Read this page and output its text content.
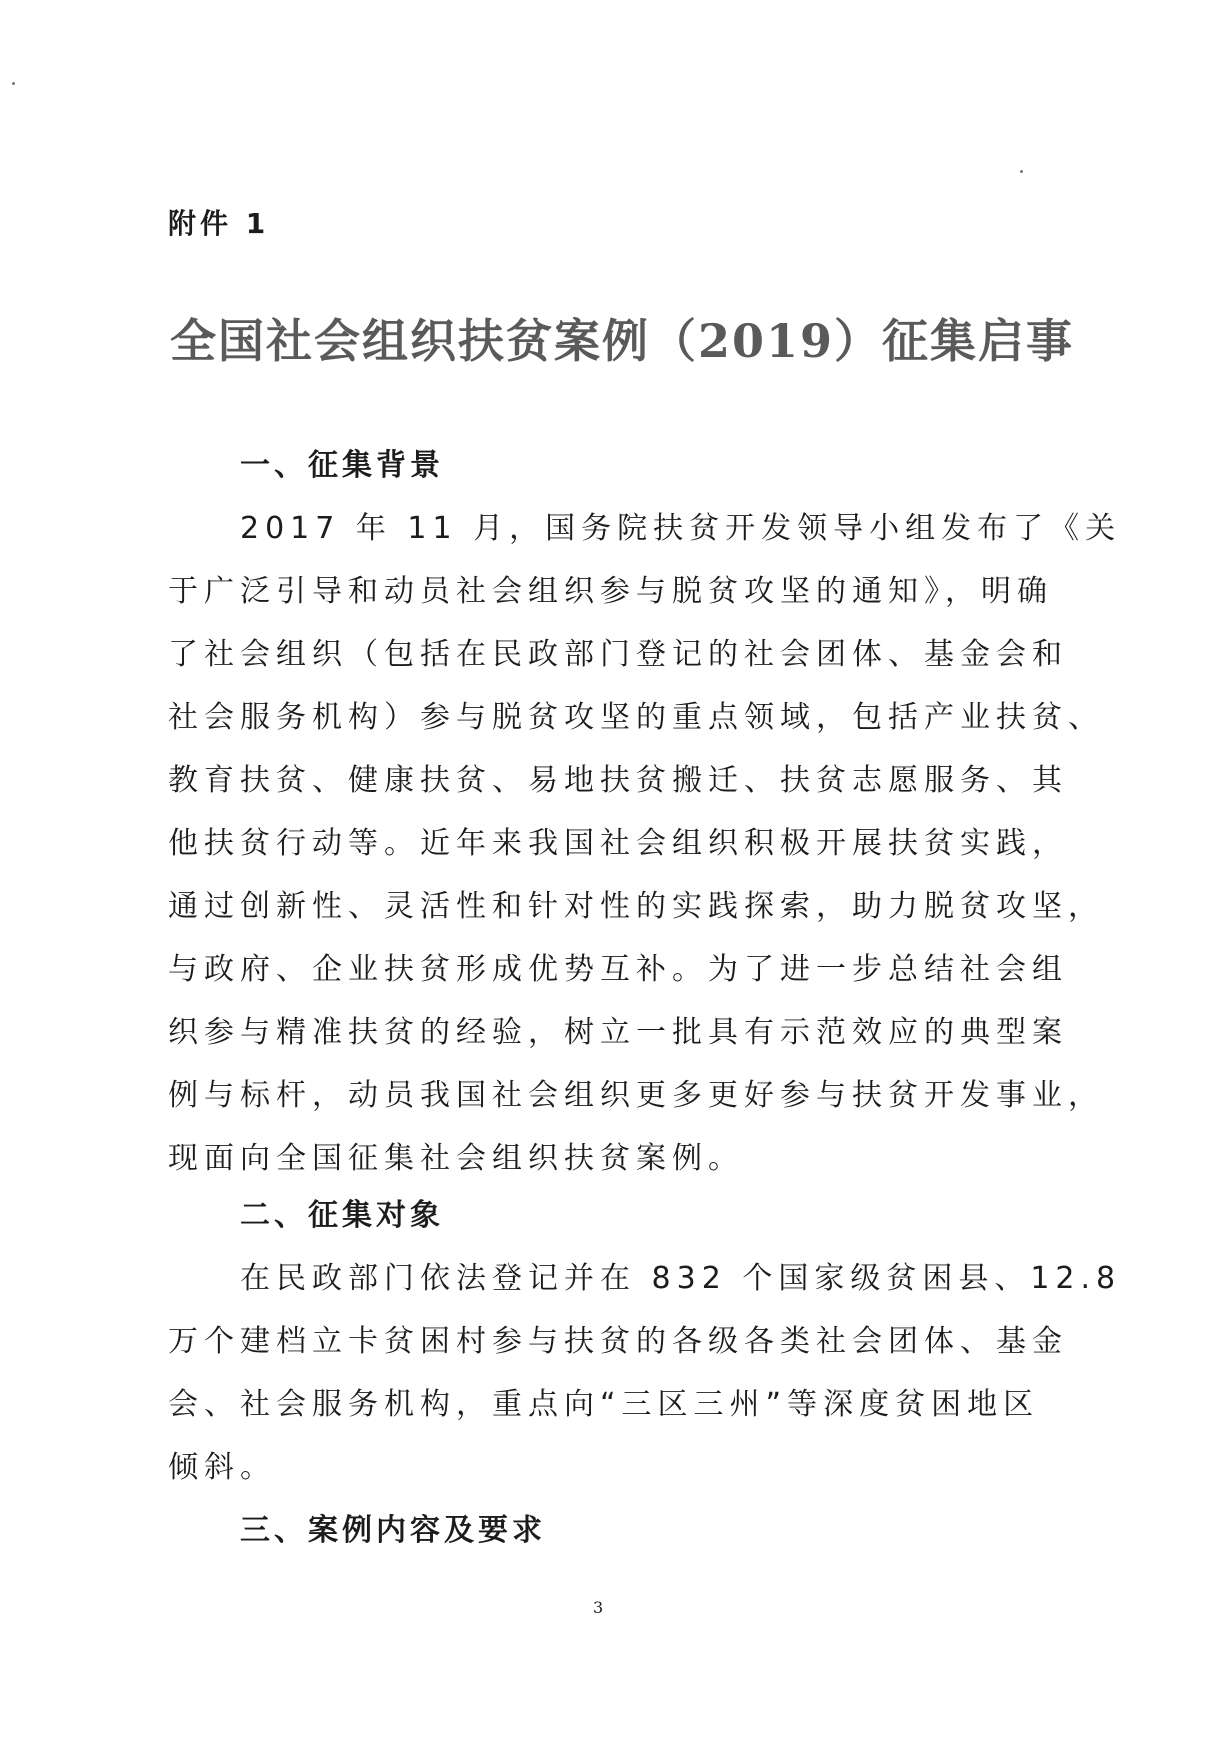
附件 1
全国社会组织扶贫案例（2019）征集启事
一、征集背景
2017 年 11 月，国务院扶贫开发领导小组发布了《关
于广泛引导和动员社会组织参与脱贫攻坚的通知》，明确
了社会组织（包括在民政部门登记的社会团体、基金会和
社会服务机构）参与脱贫攻坚的重点领域，包括产业扶贫、
教育扶贫、健康扶贫、易地扶贫搬迁、扶贫志愿服务、其
他扶贫行动等。近年来我国社会组织积极开展扶贫实践，
通过创新性、灵活性和针对性的实践探索，助力脱贫攻坚，
与政府、企业扶贫形成优势互补。为了进一步总结社会组
织参与精准扶贫的经验，树立一批具有示范效应的典型案
例与标杆，动员我国社会组织更多更好参与扶贫开发事业，
现面向全国征集社会组织扶贫案例。
二、征集对象
在民政部门依法登记并在 832 个国家级贫困县、12.8
万个建档立卡贫困村参与扶贫的各级各类社会团体、基金
会、社会服务机构，重点向“三区三州”等深度贫困地区
倾斜。
三、案例内容及要求
3
